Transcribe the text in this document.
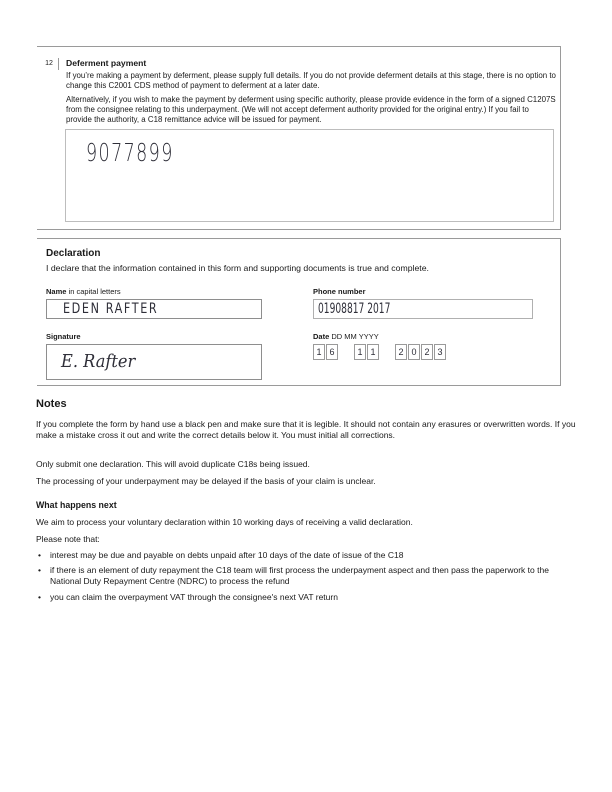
12	Deferment payment
If you’re making a payment by deferment, please supply full details. If you do not provide deferment details at this stage, there is no option to change this C2001 CDS method of payment to deferment at a later date.
Alternatively, if you wish to make the payment by deferment using specific authority, please provide evidence in the form of a signed C1207S from the consignee relating to this underpayment. (We will not accept deferment authority provided for the original entry.) If you fail to provide the authority, a C18 remittance advice will be issued for payment.
9077899
Declaration
I declare that the information contained in this form and supporting documents is true and complete.
Name in capital letters
EDEN RAFTER
Phone number
01908817 2017
Signature
E. Rafter
Date DD MM YYYY
1 6	1 1	2 0 2 3
Notes
If you complete the form by hand use a black pen and make sure that it is legible. It should not contain any erasures or overwritten words. If you make a mistake cross it out and write the correct details below it. You must initial all corrections.
Only submit one declaration. This will avoid duplicate C18s being issued.
The processing of your underpayment may be delayed if the basis of your claim is unclear.
What happens next
We aim to process your voluntary declaration within 10 working days of receiving a valid declaration.
Please note that:
• interest may be due and payable on debts unpaid after 10 days of the date of issue of the C18
• if there is an element of duty repayment the C18 team will first process the underpayment aspect and then pass the paperwork to the National Duty Repayment Centre (NDRC) to process the refund
• you can claim the overpayment VAT through the consignee's next VAT return
